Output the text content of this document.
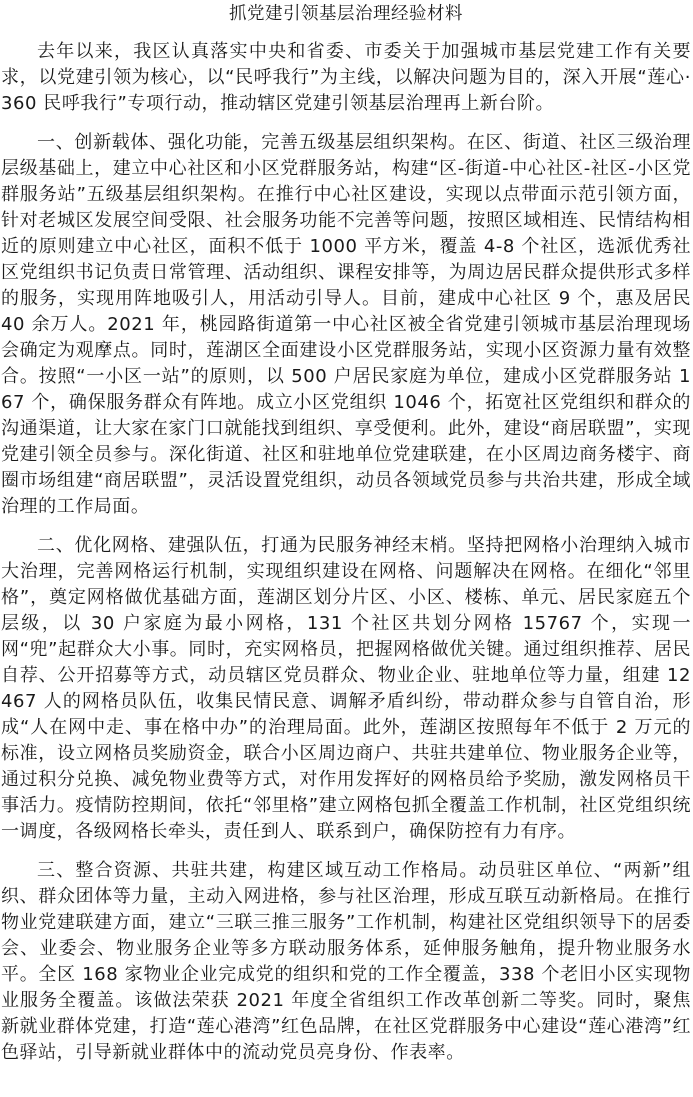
抓党建引领基层治理经验材料

去年以来，我区认真落实中央和省委、市委关于加强城市基层党建工作有关要求，以党建引领为核心，以“民呼我行”为主线，以解决问题为目的，深入开展“莲心·360 民呼我行”专项行动，推动辖区党建引领基层治理再上新台阶。

一、创新载体、强化功能，完善五级基层组织架构。在区、街道、社区三级治理层级基础上，建立中心社区和小区党群服务站，构建“区-街道-中心社区-社区-小区党群服务站”五级基层组织架构。在推行中心社区建设，实现以点带面示范引领方面，针对老城区发展空间受限、社会服务功能不完善等问题，按照区域相连、民情结构相近的原则建立中心社区，面积不低于 1000 平方米，覆盖 4-8 个社区，选派优秀社区党组织书记负责日常管理、活动组织、课程安排等，为周边居民群众提供形式多样的服务，实现用阵地吸引人，用活动引导人。目前，建成中心社区 9 个，惠及居民 40 余万人。2021 年，桃园路街道第一中心社区被全省党建引领城市基层治理现场会确定为观摩点。同时，莲湖区全面建设小区党群服务站，实现小区资源力量有效整合。按照“一小区一站”的原则，以 500 户居民家庭为单位，建成小区党群服务站 167 个，确保服务群众有阵地。成立小区党组织 1046 个，拓宽社区党组织和群众的沟通渠道，让大家在家门口就能找到组织、享受便利。此外，建设“商居联盟”，实现党建引领全员参与。深化街道、社区和驻地单位党建联建，在小区周边商务楼宇、商圈市场组建“商居联盟”，灵活设置党组织，动员各领域党员参与共治共建，形成全域治理的工作局面。

二、优化网格、建强队伍，打通为民服务神经末梢。坚持把网格小治理纳入城市大治理，完善网格运行机制，实现组织建设在网格、问题解决在网格。在细化“邻里格”，奠定网格做优基础方面，莲湖区划分片区、小区、楼栋、单元、居民家庭五个层级，以 30 户家庭为最小网格，131 个社区共划分网格 15767 个，实现一网“兜”起群众大小事。同时，充实网格员，把握网格做优关键。通过组织推荐、居民自荐、公开招募等方式，动员辖区党员群众、物业企业、驻地单位等力量，组建 12467 人的网格员队伍，收集民情民意、调解矛盾纠纷，带动群众参与自管自治，形成“人在网中走、事在格中办”的治理局面。此外，莲湖区按照每年不低于 2 万元的标准，设立网格员奖励资金，联合小区周边商户、共驻共建单位、物业服务企业等，通过积分兑换、减免物业费等方式，对作用发挥好的网格员给予奖励，激发网格员干事活力。疫情防控期间，依托“邻里格”建立网格包抓全覆盖工作机制，社区党组织统一调度，各级网格长牵头，责任到人、联系到户，确保防控有力有序。

三、整合资源、共驻共建，构建区域互动工作格局。动员驻区单位、“两新”组织、群众团体等力量，主动入网进格，参与社区治理，形成互联互动新格局。在推行物业党建联建方面，建立“三联三推三服务”工作机制，构建社区党组织领导下的居委会、业委会、物业服务企业等多方联动服务体系，延伸服务触角，提升物业服务水平。全区 168 家物业企业完成党的组织和党的工作全覆盖，338 个老旧小区实现物业服务全覆盖。该做法荣获 2021 年度全省组织工作改革创新二等奖。同时，聚焦新就业群体党建，打造“莲心港湾”红色品牌，在社区党群服务中心建设“莲心港湾”红色驿站，引导新就业群体中的流动党员亮身份、作表率。
